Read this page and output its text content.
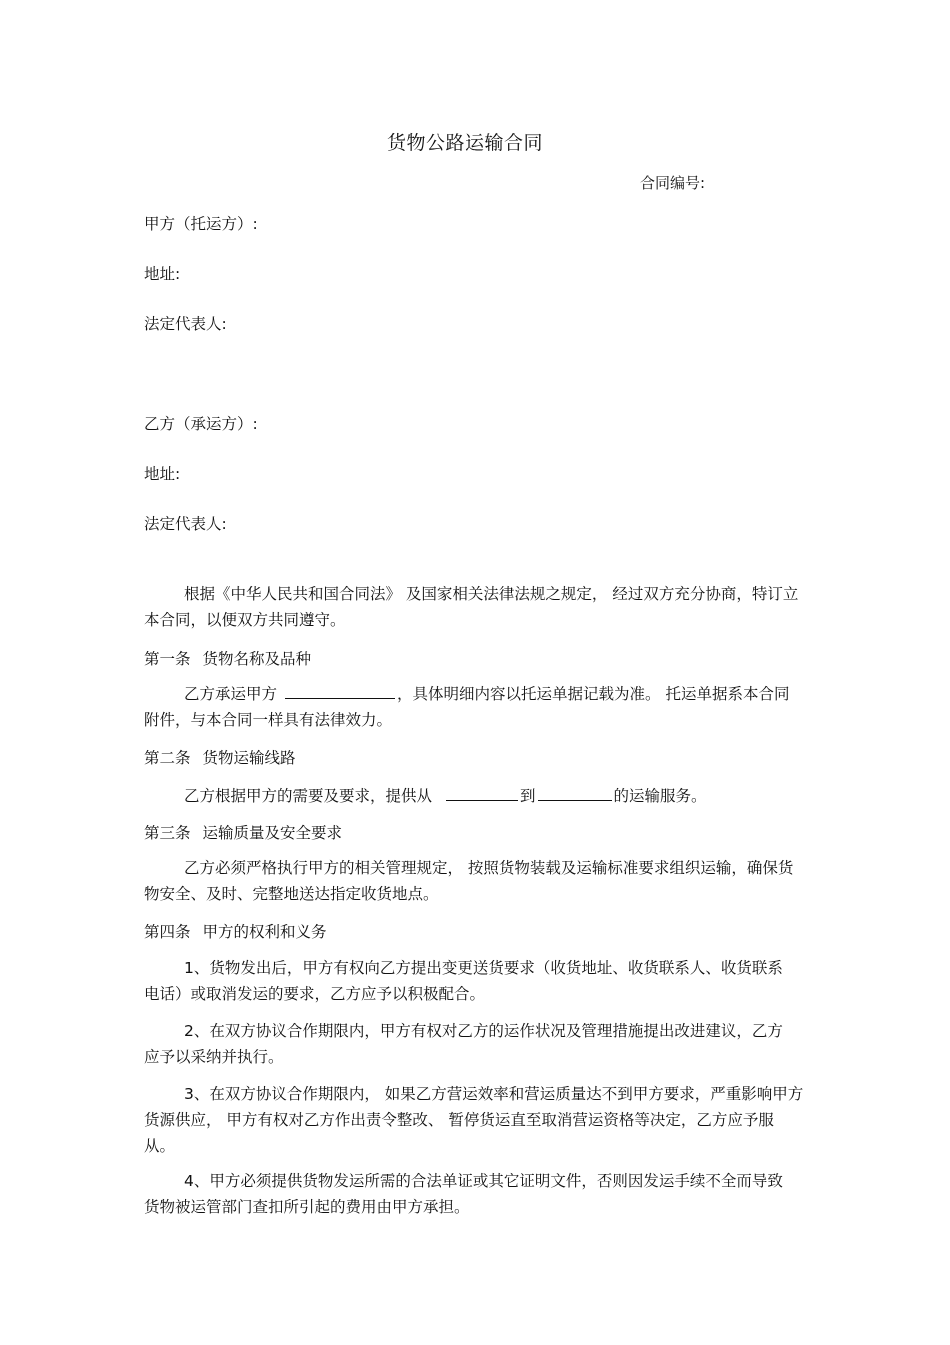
货物公路运输合同
合同编号:
甲方（托运方）:
地址:
法定代表人:
乙方（承运方）:
地址:
法定代表人:
根据《中华人民共和国合同法》 及国家相关法律法规之规定， 经过双方充分协商，特订立本合同，以便双方共同遵守。
第一条 货物名称及品种
乙方承运甲方	，具体明细内容以托运单据记载为准。 托运单据系本合同附件，与本合同一样具有法律效力。
第二条 货物运输线路
乙方根据甲方的需要及要求，提供从	到	的运输服务。
第三条 运输质量及安全要求
乙方必须严格执行甲方的相关管理规定， 按照货物装载及运输标准要求组织运输，确保货物安全、及时、完整地送达指定收货地点。
第四条 甲方的权利和义务
1、货物发出后，甲方有权向乙方提出变更送货要求（收货地址、收货联系人、收货联系电话）或取消发运的要求，乙方应予以积极配合。
2、在双方协议合作期限内，甲方有权对乙方的运作状况及管理措施提出改进建议，乙方应予以采纳并执行。
3、在双方协议合作期限内， 如果乙方营运效率和营运质量达不到甲方要求，严重影响甲方货源供应， 甲方有权对乙方作出责令整改、 暂停货运直至取消营运资格等决定，乙方应予服从。
4、甲方必须提供货物发运所需的合法单证或其它证明文件，否则因发运手续不全而导致货物被运管部门查扣所引起的费用由甲方承担。
